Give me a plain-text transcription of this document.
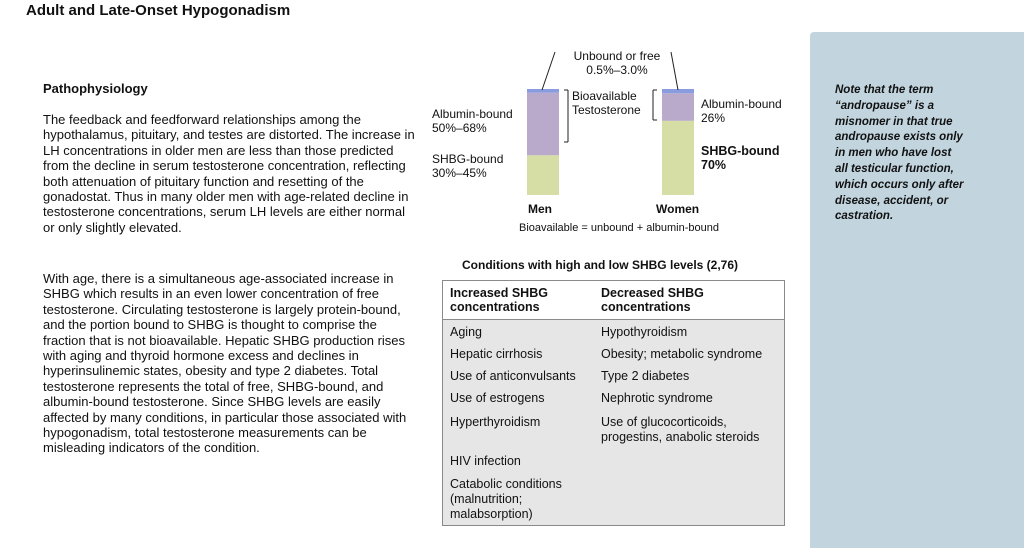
Adult and Late-Onset Hypogonadism
Pathophysiology

The feedback and feedforward relationships among the hypothalamus, pituitary, and testes are distorted. The increase in LH concentrations in older men are less than those predicted from the decline in serum testosterone concentration, reflecting both attenuation of pituitary function and resetting of the gonadostat. Thus in many older men with age-related decline in testosterone concentrations, serum LH levels are either normal or only slightly elevated.

With age, there is a simultaneous age-associated increase in SHBG which results in an even lower concentration of free testosterone. Circulating testosterone is largely protein-bound, and the portion bound to SHBG is thought to comprise the fraction that is not bioavailable. Hepatic SHBG production rises with aging and thyroid hormone excess and declines in hyperinsulinemic states, obesity and type 2 diabetes. Total testosterone represents the total of free, SHBG-bound, and albumin-bound testosterone. Since SHBG levels are easily affected by many conditions, in particular those associated with hypogonadism, total testosterone measurements can be misleading indicators of the condition.

Unbound or free
0.5%–3.0%
Bioavailable
Testosterone
Albumin-bound
50%–68%
SHBG-bound
30%–45%
Albumin-bound
26%
SHBG-bound
70%
Men	Women
Bioavailable = unbound + albumin-bound
Conditions with high and low SHBG levels (2,76)
Increased SHBG concentrations
Decreased SHBG concentrations
Aging
Hepatic cirrhosis
Use of anticonvulsants
Use of estrogens
Hyperthyroidism
HIV infection
Catabolic conditions (malnutrition; malabsorption)
Hypothyroidism
Obesity; metabolic syndrome
Type 2 diabetes
Nephrotic syndrome
Use of glucocorticoids, progestins, anabolic steroids
Note that the term “andropause” is a misnomer in that true andropause exists only in men who have lost all testicular function, which occurs only after disease, accident, or castration.
